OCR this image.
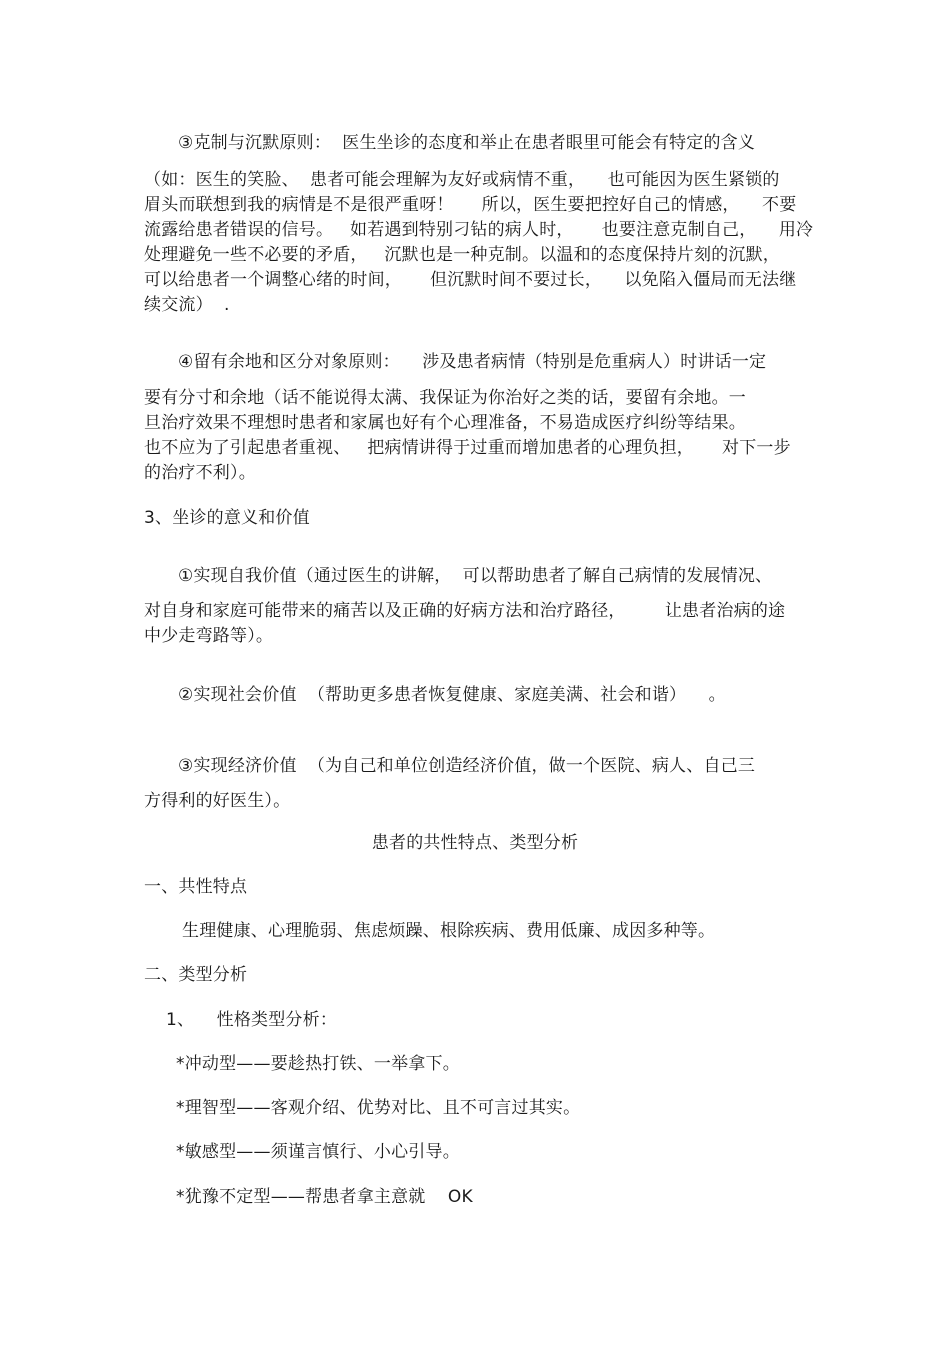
③克制与沉默原则：  医生坐诊的态度和举止在患者眼里可能会有特定的含义
（如：医生的笑脸、  患者可能会理解为友好或病情不重，    也可能因为医生紧锁的
眉头而联想到我的病情是不是很严重呀！     所以，医生要把控好自己的情感，    不要
流露给患者错误的信号。   如若遇到特别刁钻的病人时，     也要注意克制自己，    用冷
处理避免一些不必要的矛盾，   沉默也是一种克制。以温和的态度保持片刻的沉默，
可以给患者一个调整心绪的时间，     但沉默时间不要过长，    以免陷入僵局而无法继
续交流）  .
④留有余地和区分对象原则：    涉及患者病情（特别是危重病人）时讲话一定
要有分寸和余地（话不能说得太满、我保证为你治好之类的话，要留有余地。一
旦治疗效果不理想时患者和家属也好有个心理准备，不易造成医疗纠纷等结果。
也不应为了引起患者重视、   把病情讲得于过重而增加患者的心理负担，     对下一步
的治疗不利）。
3、坐诊的意义和价值
①实现自我价值（通过医生的讲解，  可以帮助患者了解自己病情的发展情况、
对自身和家庭可能带来的痛苦以及正确的好病方法和治疗路径，       让患者治病的途
中少走弯路等）。
②实现社会价值  （帮助更多患者恢复健康、家庭美满、社会和谐）    。
③实现经济价值  （为自己和单位创造经济价值，做一个医院、病人、自己三
方得利的好医生）。
患者的共性特点、类型分析
一、共性特点
生理健康、心理脆弱、焦虑烦躁、根除疾病、费用低廉、成因多种等。
二、类型分析
1、    性格类型分析：
*冲动型——要趁热打铁、一举拿下。
*理智型——客观介绍、优势对比、且不可言过其实。
*敏感型——须谨言慎行、小心引导。
*犹豫不定型——帮患者拿主意就    OK
